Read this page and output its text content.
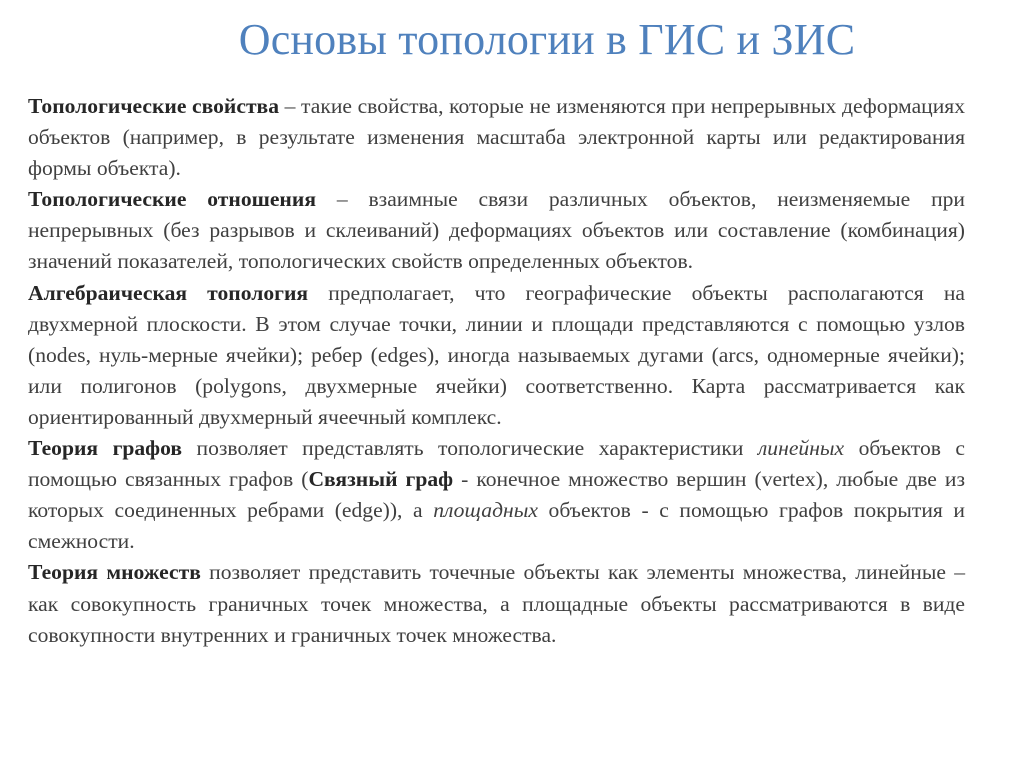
Основы топологии в ГИС и ЗИС

Топологические свойства – такие свойства, которые не изменяются при непрерывных деформациях объектов (например, в результате изменения масштаба электронной карты или редактирования формы объекта).

Топологические отношения – взаимные связи различных объектов, неизменяемые при непрерывных (без разрывов и склеиваний) деформациях объектов или составление (комбинация) значений показателей, топологических свойств определенных объектов.

Алгебраическая топология предполагает, что географические объекты располагаются на двухмерной плоскости. В этом случае точки, линии и площади представляются с помощью узлов (nodes, нуль-мерные ячейки); ребер (edges), иногда называемых дугами (arcs, одномерные ячейки); или полигонов (polygons, двухмерные ячейки) соответственно. Карта рассматривается как ориентированный двухмерный ячеечный комплекс.

Теория графов позволяет представлять топологические характеристики линейных объектов с помощью связанных графов (Связный граф - конечное множество вершин (vertex), любые две из которых соединенных ребрами (edge)), а площадных объектов - с помощью графов покрытия и смежности.

Теория множеств позволяет представить точечные объекты как элементы множества, линейные – как совокупность граничных точек множества, а площадные объекты рассматриваются в виде совокупности внутренних и граничных точек множества.
